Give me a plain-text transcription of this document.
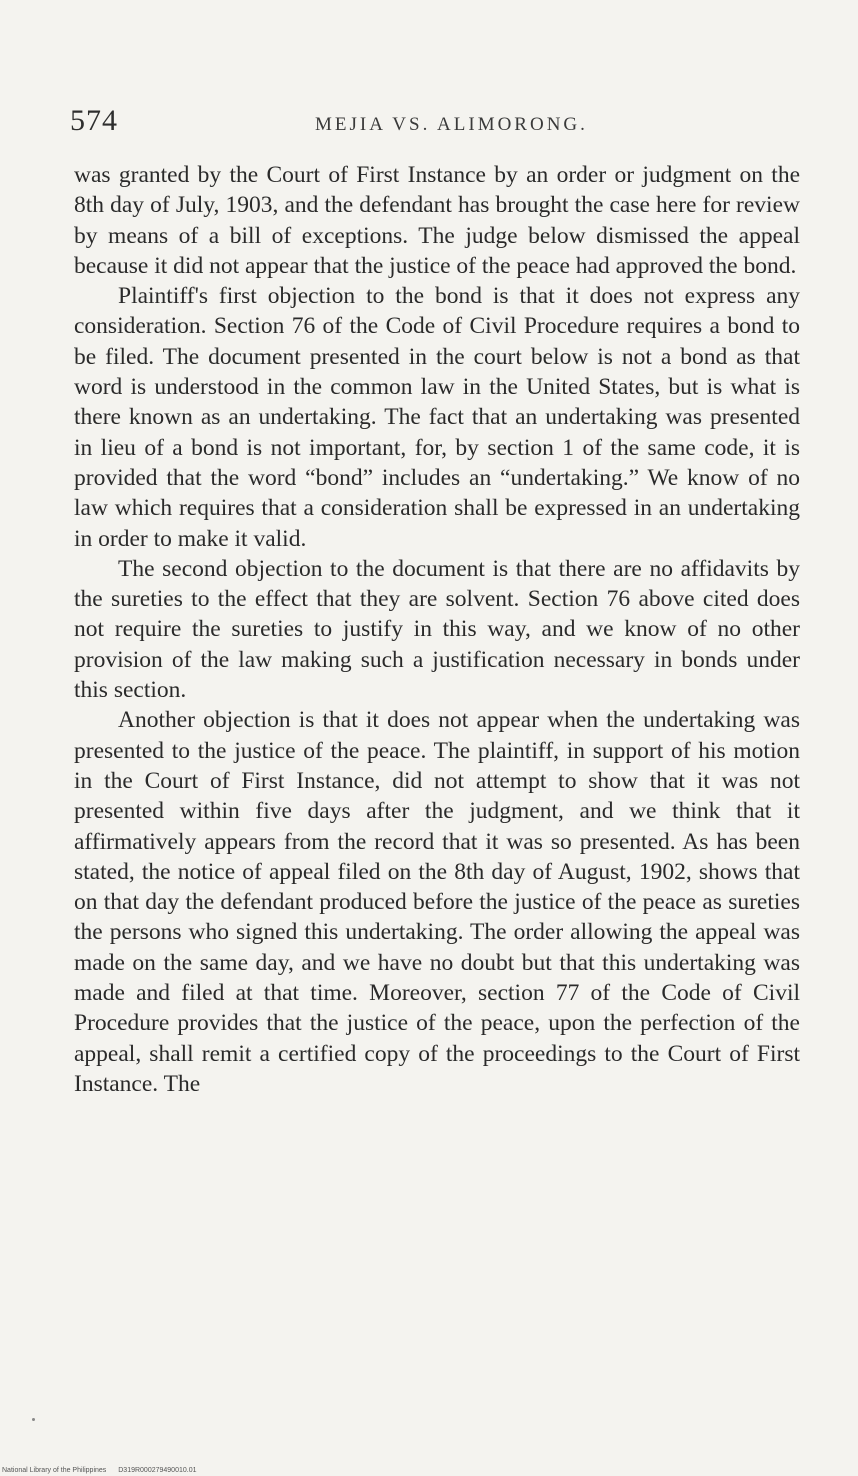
574	MEJIA VS. ALIMORONG.

was granted by the Court of First Instance by an order or judgment on the 8th day of July, 1903, and the defendant has brought the case here for review by means of a bill of exceptions. The judge below dismissed the appeal because it did not appear that the justice of the peace had approved the bond.

Plaintiff's first objection to the bond is that it does not express any consideration. Section 76 of the Code of Civil Procedure requires a bond to be filed. The document presented in the court below is not a bond as that word is understood in the common law in the United States, but is what is there known as an undertaking. The fact that an undertaking was presented in lieu of a bond is not important, for, by section 1 of the same code, it is provided that the word “bond” includes an “undertaking.” We know of no law which requires that a consideration shall be expressed in an undertaking in order to make it valid.

The second objection to the document is that there are no affidavits by the sureties to the effect that they are solvent. Section 76 above cited does not require the sureties to justify in this way, and we know of no other provision of the law making such a justification necessary in bonds under this section.

Another objection is that it does not appear when the undertaking was presented to the justice of the peace. The plaintiff, in support of his motion in the Court of First Instance, did not attempt to show that it was not presented within five days after the judgment, and we think that it affirmatively appears from the record that it was so presented. As has been stated, the notice of appeal filed on the 8th day of August, 1902, shows that on that day the defendant produced before the justice of the peace as sureties the persons who signed this undertaking. The order allowing the appeal was made on the same day, and we have no doubt but that this undertaking was made and filed at that time. Moreover, section 77 of the Code of Civil Procedure provides that the justice of the peace, upon the perfection of the appeal, shall remit a certified copy of the proceedings to the Court of First Instance. The

National Library of the Philippines D319R000279490010.01
